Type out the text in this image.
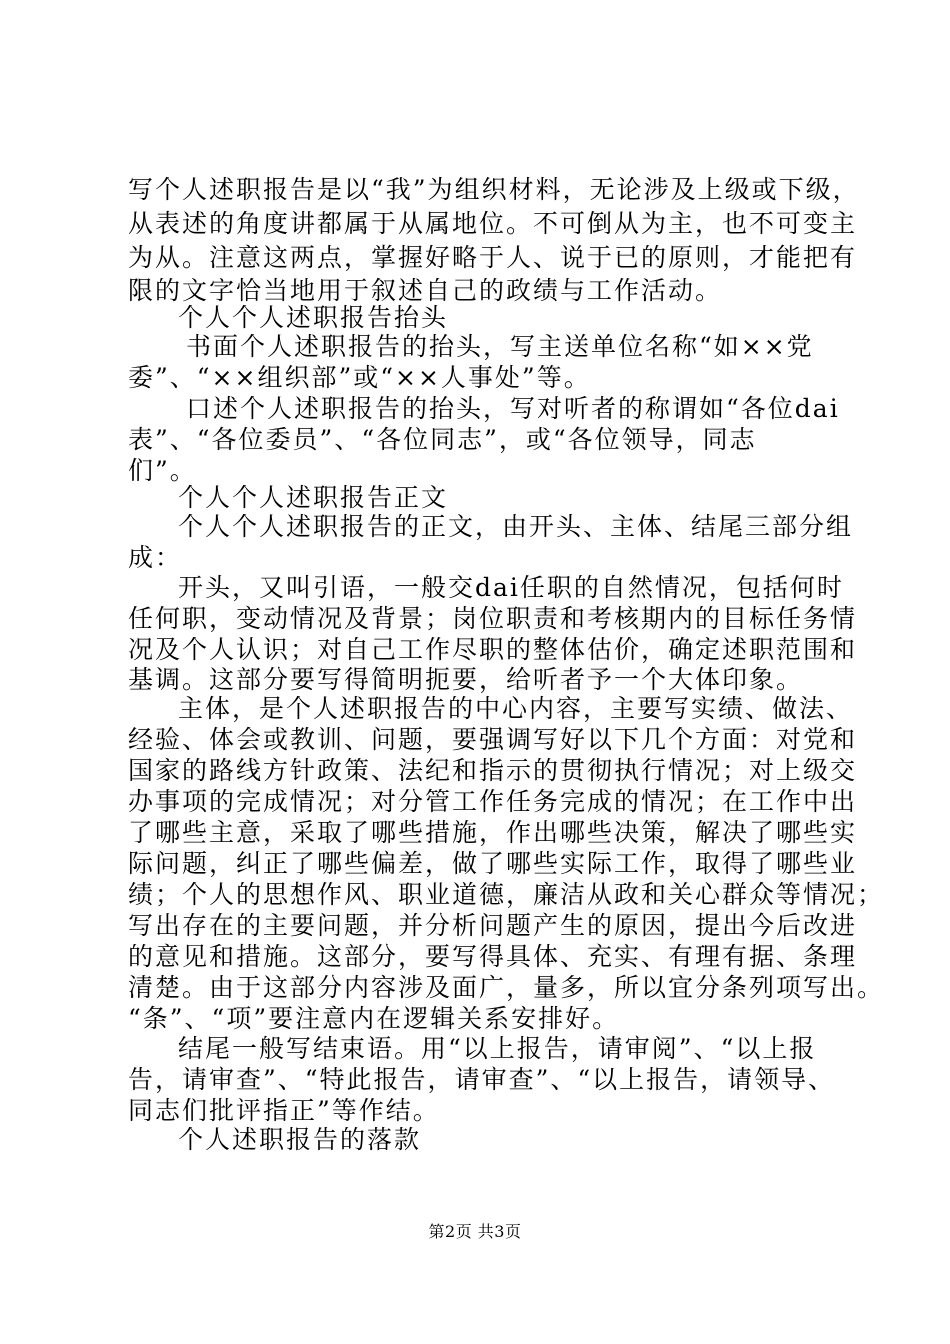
写个人述职报告是以“我”为组织材料，无论涉及上级或下级，
从表述的角度讲都属于从属地位。不可倒从为主，也不可变主
为从。注意这两点，掌握好略于人、说于已的原则，才能把有
限的文字恰当地用于叙述自己的政绩与工作活动。
个人个人述职报告抬头
书面个人述职报告的抬头，写主送单位名称“如××党
委”、“××组织部”或“××人事处”等。
口述个人述职报告的抬头，写对听者的称谓如“各位dai
表”、“各位委员”、“各位同志”，或“各位领导，同志
们”。
个人个人述职报告正文
个人个人述职报告的正文，由开头、主体、结尾三部分组
成：
开头，又叫引语，一般交dai任职的自然情况，包括何时
任何职，变动情况及背景；岗位职责和考核期内的目标任务情
况及个人认识；对自己工作尽职的整体估价，确定述职范围和
基调。这部分要写得简明扼要，给听者予一个大体印象。
主体，是个人述职报告的中心内容，主要写实绩、做法、
经验、体会或教训、问题，要强调写好以下几个方面：对党和
国家的路线方针政策、法纪和指示的贯彻执行情况；对上级交
办事项的完成情况；对分管工作任务完成的情况；在工作中出
了哪些主意，采取了哪些措施，作出哪些决策，解决了哪些实
际问题，纠正了哪些偏差，做了哪些实际工作，取得了哪些业
绩；个人的思想作风、职业道德，廉洁从政和关心群众等情况；
写出存在的主要问题，并分析问题产生的原因，提出今后改进
的意见和措施。这部分，要写得具体、充实、有理有据、条理
清楚。由于这部分内容涉及面广，量多，所以宜分条列项写出。
“条”、“项”要注意内在逻辑关系安排好。
结尾一般写结束语。用“以上报告，请审阅”、“以上报
告，请审查”、“特此报告，请审查”、“以上报告，请领导、
同志们批评指正”等作结。
个人述职报告的落款
第2页 共3页
